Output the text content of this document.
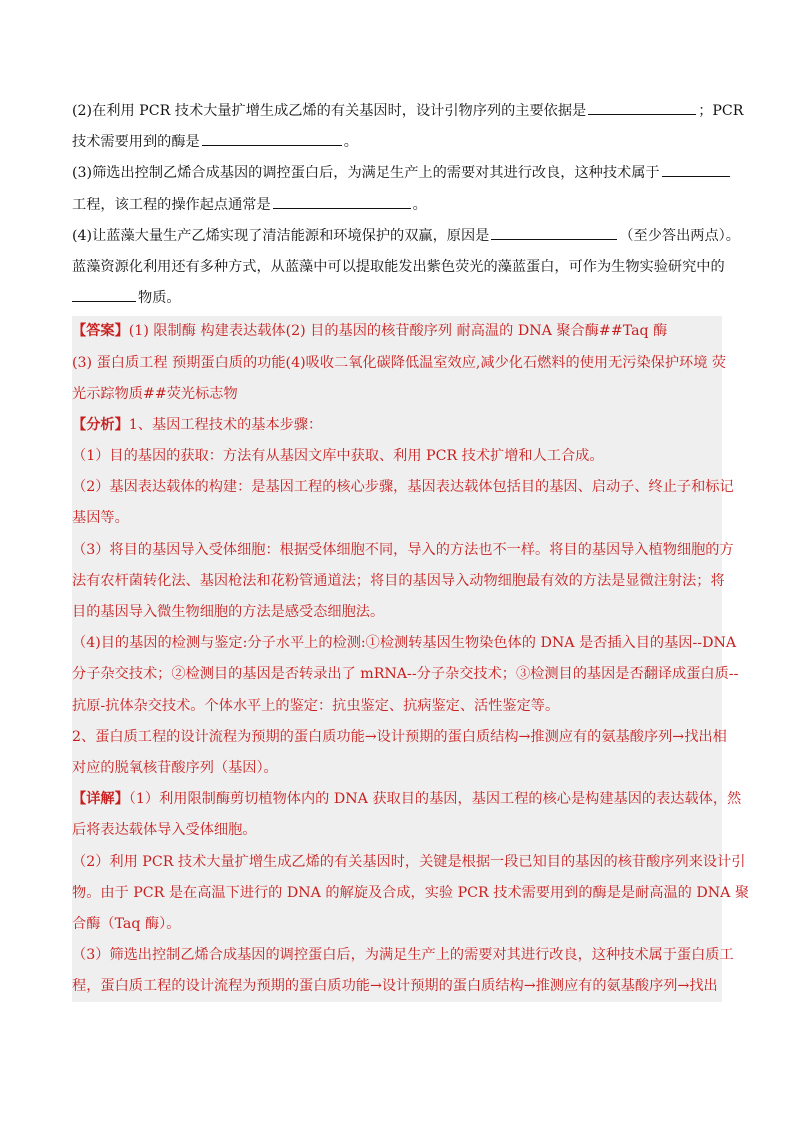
(2)在利用 PCR 技术大量扩增生成乙烯的有关基因时，设计引物序列的主要依据是	；PCR
技术需要用到的酶是	。
(3)筛选出控制乙烯合成基因的调控蛋白后，为满足生产上的需要对其进行改良，这种技术属于
工程，该工程的操作起点通常是	。
(4)让蓝藻大量生产乙烯实现了清洁能源和环境保护的双赢，原因是	（至少答出两点）。
蓝藻资源化利用还有多种方式，从蓝藻中可以提取能发出紫色荧光的藻蓝蛋白，可作为生物实验研究中的
物质。
【答案】(1) 限制酶 构建表达载体(2) 目的基因的核苷酸序列 耐高温的 DNA 聚合酶##Taq 酶
(3) 蛋白质工程 预期蛋白质的功能(4)吸收二氧化碳降低温室效应,减少化石燃料的使用无污染保护环境 荧
光示踪物质##荧光标志物
【分析】1、基因工程技术的基本步骤：
（1）目的基因的获取：方法有从基因文库中获取、利用 PCR 技术扩增和人工合成。
（2）基因表达载体的构建：是基因工程的核心步骤，基因表达载体包括目的基因、启动子、终止子和标记
基因等。
（3）将目的基因导入受体细胞：根据受体细胞不同，导入的方法也不一样。将目的基因导入植物细胞的方
法有农杆菌转化法、基因枪法和花粉管通道法；将目的基因导入动物细胞最有效的方法是显微注射法；将
目的基因导入微生物细胞的方法是感受态细胞法。
（4)目的基因的检测与鉴定:分子水平上的检测:①检测转基因生物染色体的 DNA 是否插入目的基因--DNA
分子杂交技术；②检测目的基因是否转录出了 mRNA--分子杂交技术；③检测目的基因是否翻译成蛋白质--
抗原-抗体杂交技术。个体水平上的鉴定：抗虫鉴定、抗病鉴定、活性鉴定等。
2、蛋白质工程的设计流程为预期的蛋白质功能→设计预期的蛋白质结构→推测应有的氨基酸序列→找出相
对应的脱氧核苷酸序列（基因）。
【详解】（1）利用限制酶剪切植物体内的 DNA 获取目的基因，基因工程的核心是构建基因的表达载体，然
后将表达载体导入受体细胞。
（2）利用 PCR 技术大量扩增生成乙烯的有关基因时，关键是根据一段已知目的基因的核苷酸序列来设计引
物。由于 PCR 是在高温下进行的 DNA 的解旋及合成，实验 PCR 技术需要用到的酶是是耐高温的 DNA 聚
合酶（Taq 酶）。
（3）筛选出控制乙烯合成基因的调控蛋白后，为满足生产上的需要对其进行改良，这种技术属于蛋白质工
程，蛋白质工程的设计流程为预期的蛋白质功能→设计预期的蛋白质结构→推测应有的氨基酸序列→找出
